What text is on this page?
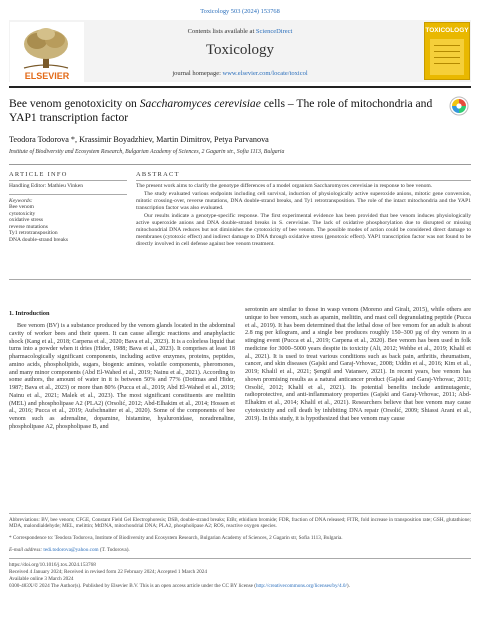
Toxicology 503 (2024) 153768
ELSEVIER
Contents lists available at ScienceDirect
Toxicology
journal homepage: www.elsevier.com/locate/toxicol
TOXICOLOGY
Bee venom genotoxicity on Saccharomyces cerevisiae cells – The role of mitochondria and YAP1 transcription factor
Teodora Todorova *, Krassimir Boyadzhiev, Martin Dimitrov, Petya Parvanova
Institute of Biodiversity and Ecosystem Research, Bulgarian Academy of Sciences, 2 Gagarin str., Sofia 1113, Bulgaria
ARTICLE INFO	ABSTRACT
Handling Editor: Mathieu Vinken
Keywords:
Bee venom
cytotoxicity
oxidative stress
reverse mutations
Ty1 retrotransposition
DNA double-strand breaks

The present work aims to clarify the genotype differences of a model organism Saccharomyces cerevisiae in response to bee venom.

The study evaluated various endpoints including cell survival, induction of physiologically active superoxide anions, mitotic gene conversion, mitotic crossing-over, reverse mutations, DNA double-strand breaks, and Ty1 retrotransposition. The role of the intact mitochondria and the YAP1 transcription factor was also evaluated.

Our results indicate a genotype-specific response. The first experimental evidence has been provided that bee venom induces physiologically active superoxide anions and DNA double-strand breaks in S. cerevisiae. The lack of oxidative phosphorylation due to disrupted or missing mitochondrial DNA reduces but not diminishes the cytotoxicity of bee venom. The possible modes of action could be considered direct damage to membranes (cytotoxic effect) and indirect damage to DNA through oxidative stress (genotoxic effect). YAP1 transcription factor was not found to be directly involved in cell defense against bee venom treatment.

1. Introduction
Bee venom (BV) is a substance produced by the venom glands located in the abdominal cavity of worker bees and their queen. It can cause allergic reactions and anaphylactic shock (Kang et al., 2018; Carpena et al., 2020; Bava et al., 2023). It is a colorless liquid that turns into a powder when it dries (Hider, 1988; Bava et al., 2023). It comprises at least 18 pharmacologically significant components, including active enzymes, proteins, peptides, amino acids, phospholipids, sugars, biogenic amines, volatile components, pheromones, and many minor components (Abd El-Wahed et al., 2019; Nainu et al., 2021). According to some authors, the amount of water in it is between 50% and 77% (Dotimas and Hider, 1987; Bava et al., 2023) or more than 80% (Pucca et al., 2019; Abd El-Wahed et al., 2019; Nainu et al., 2021; Malek et al., 2023). The most significant constituents are melittin (MEL) and phospholipase A2 (PLA2) (Orsolić, 2012; Abd-Elhakim et al., 2014; Hossen et al., 2016; Pucca et al., 2019; Aufschnaiter et al., 2020). Some of the components of bee venom such as adrenaline, dopamine, histamine, hyaluronidase, noradrenaline, phospholipase A2, phospholipase B, and
serotonin are similar to those in wasp venom (Moreno and Giralt, 2015), while others are unique to bee venom, such as apamin, melittin, and mast cell degranulating peptide (Pucca et al., 2019). It has been determined that the lethal dose of bee venom for an adult is about 2.8 mg per kilogram, and a single bee produces roughly 150–300 µg of dry venom in a stinging event (Pucca et al., 2019; Carpena et al., 2020). Bee venom has been used in folk medicine for 3000–5000 years despite its toxicity (Ali, 2012; Wehbe et al., 2019; Khalil et al., 2021). It is used to treat various conditions such as back pain, arthritis, rheumatism, cancer, and skin diseases (Gajski and Garaj-Vrhovac, 2008; Uddin et al., 2016; Kim et al., 2019; Khalil et al., 2021; Şengül and Vatansev, 2021). In recent years, bee venom has shown promising results as a natural anticancer product (Gajski and Garaj-Vrhovac, 2011; Orsolić, 2012; Khalil et al., 2021). Its potential benefits include antimutagenic, radioprotective, and anti-inflammatory properties (Gajski and Garaj-Vrhovac, 2011; Abd-Elhakim et al., 2014; Khalil et al., 2021). Researchers believe that bee venom may cause cytotoxicity and cell death by inhibiting DNA repair (Orsolić, 2009; Shiassi Arani et al., 2019). In this study, it is hypothesized that bee venom may cause
Abbreviations: BV, bee venom; CFGE, Constant Field Gel Electrophoresis; DSB, double-strand breaks; EtBr, ethidium bromide; FDR, fraction of DNA released; FITR, fold increase in transposition rate; GSH, glutathione; MDA, malondialdehyde; MEL, melittin; MtDNA, mitochondrial DNA; PLA2, phospholipase A2; ROS, reactive oxygen species.
* Correspondence to: Teodora Todorova, Institute of Biodiversity and Ecosystem Research, Bulgarian Academy of Sciences, 2 Gagarin str, Sofia 1113, Bulgaria.
E-mail address: tedi.todorova@yahoo.com (T. Todorova).
https://doi.org/10.1016/j.tox.2024.153768
Received 4 January 2024; Received in revised form 22 February 2024; Accepted 1 March 2024
Available online 3 March 2024
0300-483X/© 2024 The Author(s). Published by Elsevier B.V. This is an open access article under the CC BY license (http://creativecommons.org/licenses/by/4.0/).
